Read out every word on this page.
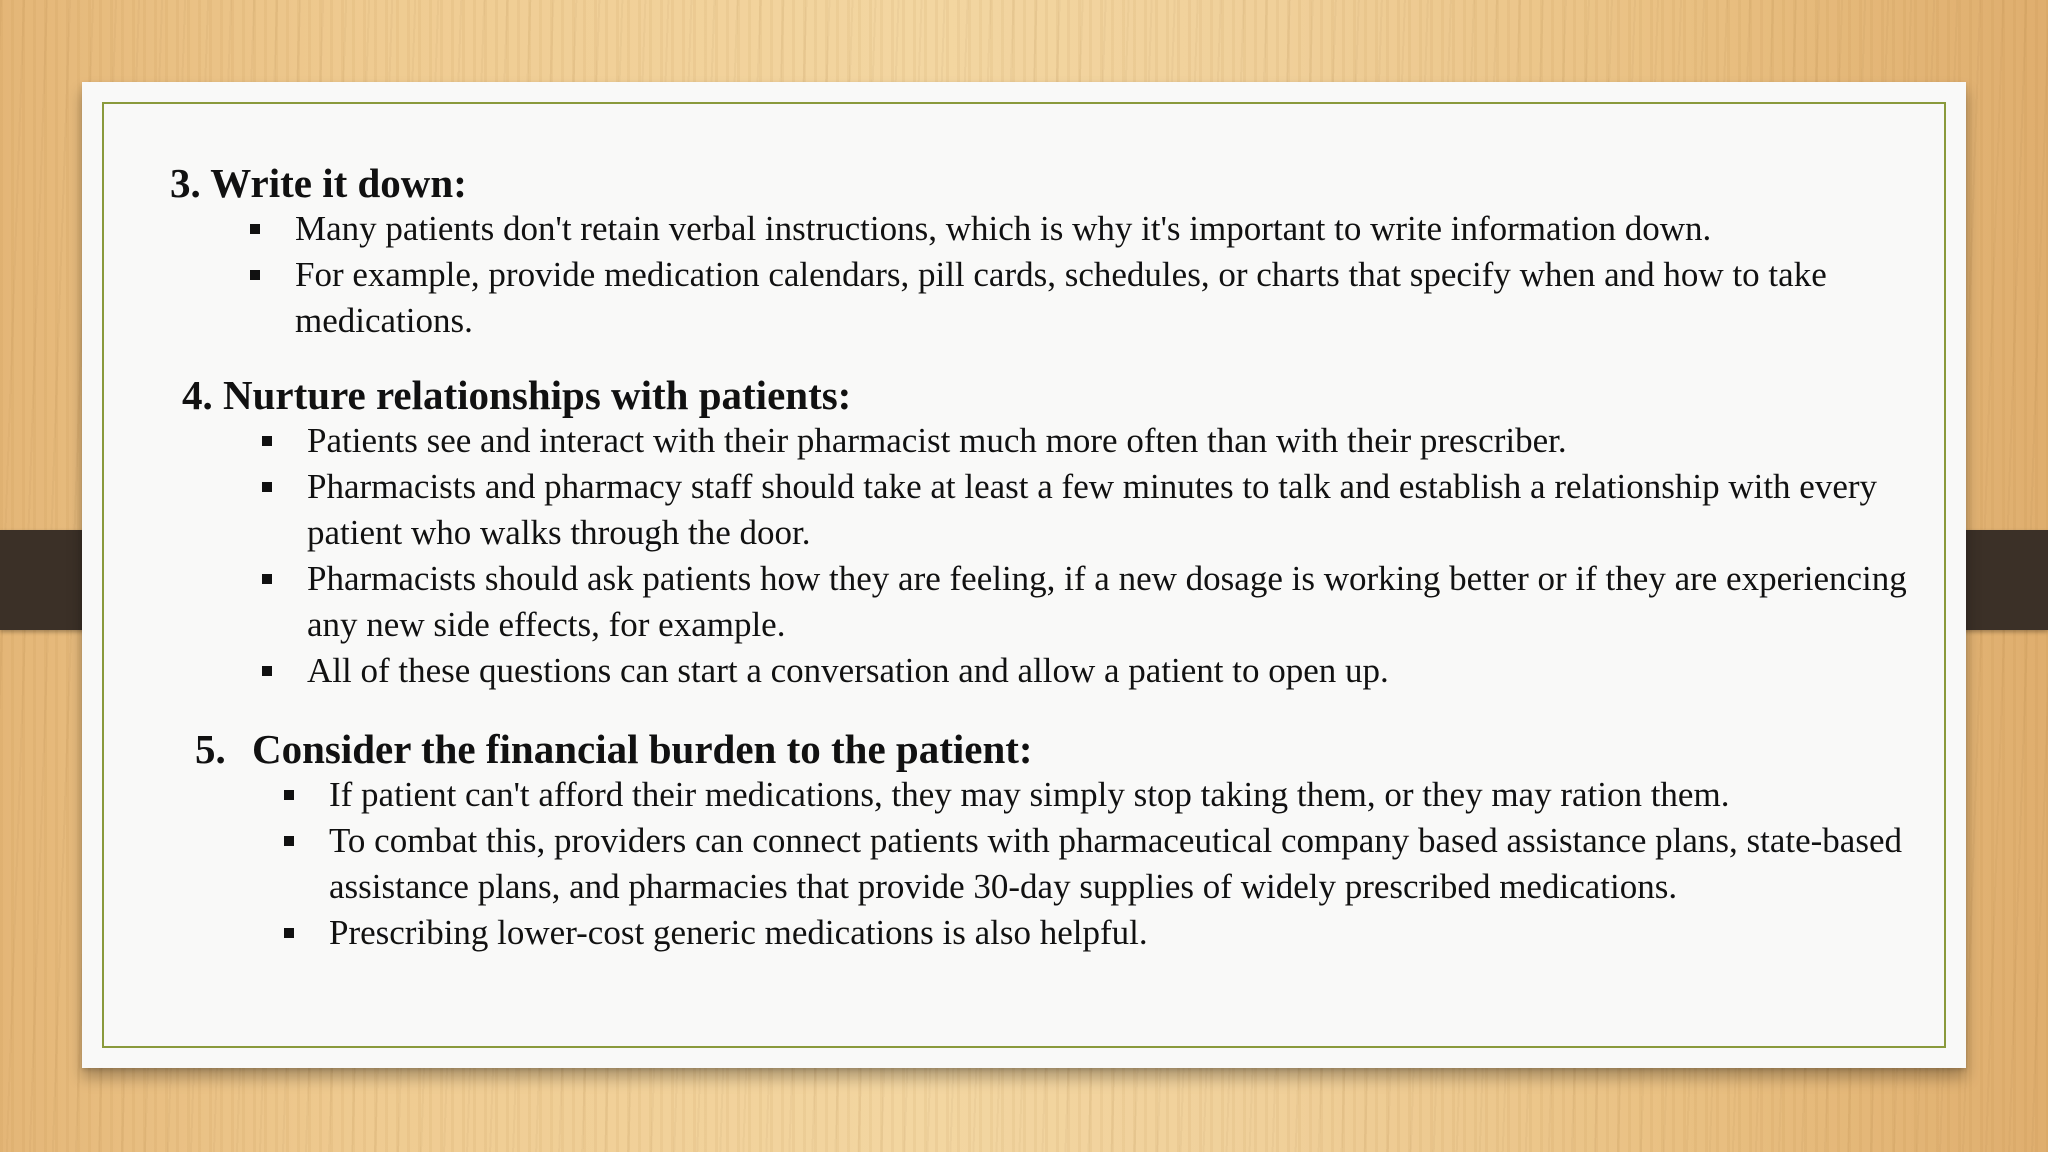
3. Write it down:
Many patients don't retain verbal instructions, which is why it's important to write information down.
For example, provide medication calendars, pill cards, schedules, or charts that specify when and how to take medications.
4. Nurture relationships with patients:
Patients see and interact with their pharmacist much more often than with their prescriber.
Pharmacists and pharmacy staff should take at least a few minutes to talk and establish a relationship with every patient who walks through the door.
Pharmacists should ask patients how they are feeling, if a new dosage is working better or if they are experiencing any new side effects, for example.
All of these questions can start a conversation and allow a patient to open up.
5. Consider the financial burden to the patient:
If patient can't afford their medications, they may simply stop taking them, or they may ration them.
To combat this, providers can connect patients with pharmaceutical company based assistance plans, state-based assistance plans, and pharmacies that provide 30-day supplies of widely prescribed medications.
Prescribing lower-cost generic medications is also helpful.
